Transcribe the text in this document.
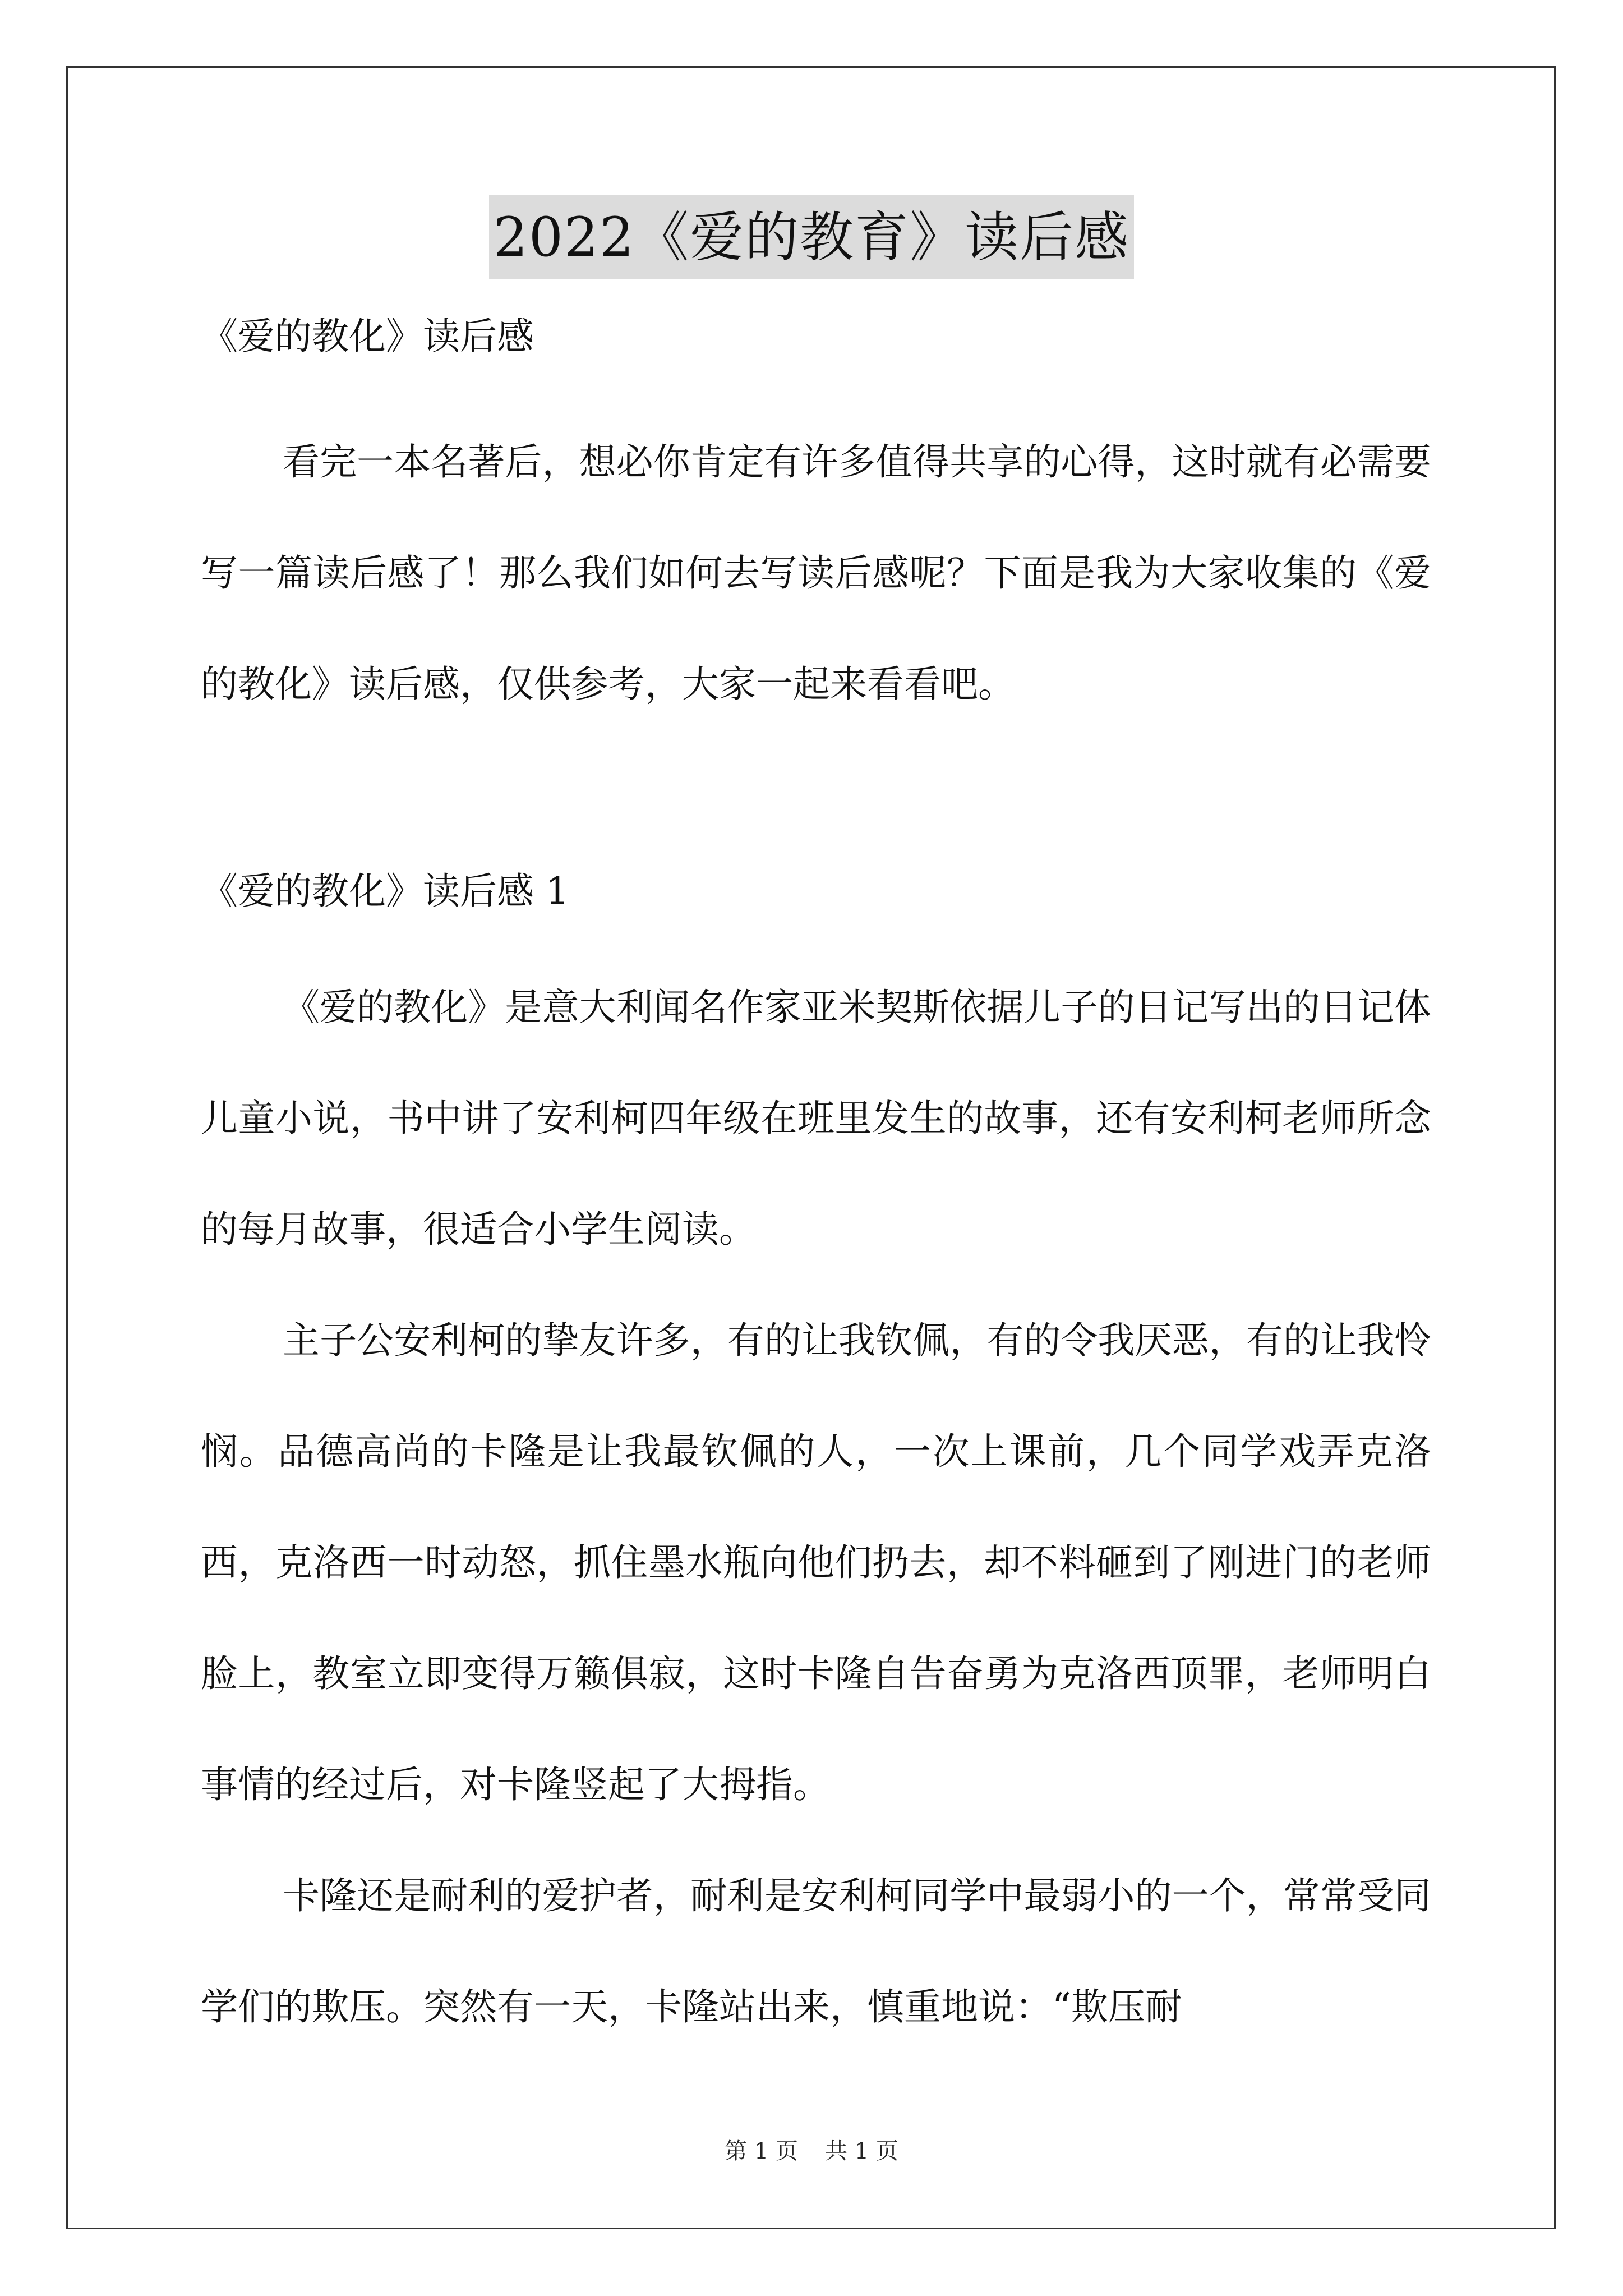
2022《爱的教育》读后感
《爱的教化》读后感

看完一本名著后，想必你肯定有许多值得共享的心得，这时就有必需要写一篇读后感了！那么我们如何去写读后感呢？下面是我为大家收集的《爱的教化》读后感，仅供参考，大家一起来看看吧。

《爱的教化》读后感 1

《爱的教化》是意大利闻名作家亚米契斯依据儿子的日记写出的日记体儿童小说，书中讲了安利柯四年级在班里发生的故事，还有安利柯老师所念的每月故事，很适合小学生阅读。

主子公安利柯的挚友许多，有的让我钦佩，有的令我厌恶，有的让我怜悯。品德高尚的卡隆是让我最钦佩的人，一次上课前，几个同学戏弄克洛西，克洛西一时动怒，抓住墨水瓶向他们扔去，却不料砸到了刚进门的老师脸上，教室立即变得万籁俱寂，这时卡隆自告奋勇为克洛西顶罪，老师明白事情的经过后，对卡隆竖起了大拇指。

卡隆还是耐利的爱护者，耐利是安利柯同学中最弱小的一个，常常受同学们的欺压。突然有一天，卡隆站出来，慎重地说：“欺压耐

第 1 页 共 1 页
